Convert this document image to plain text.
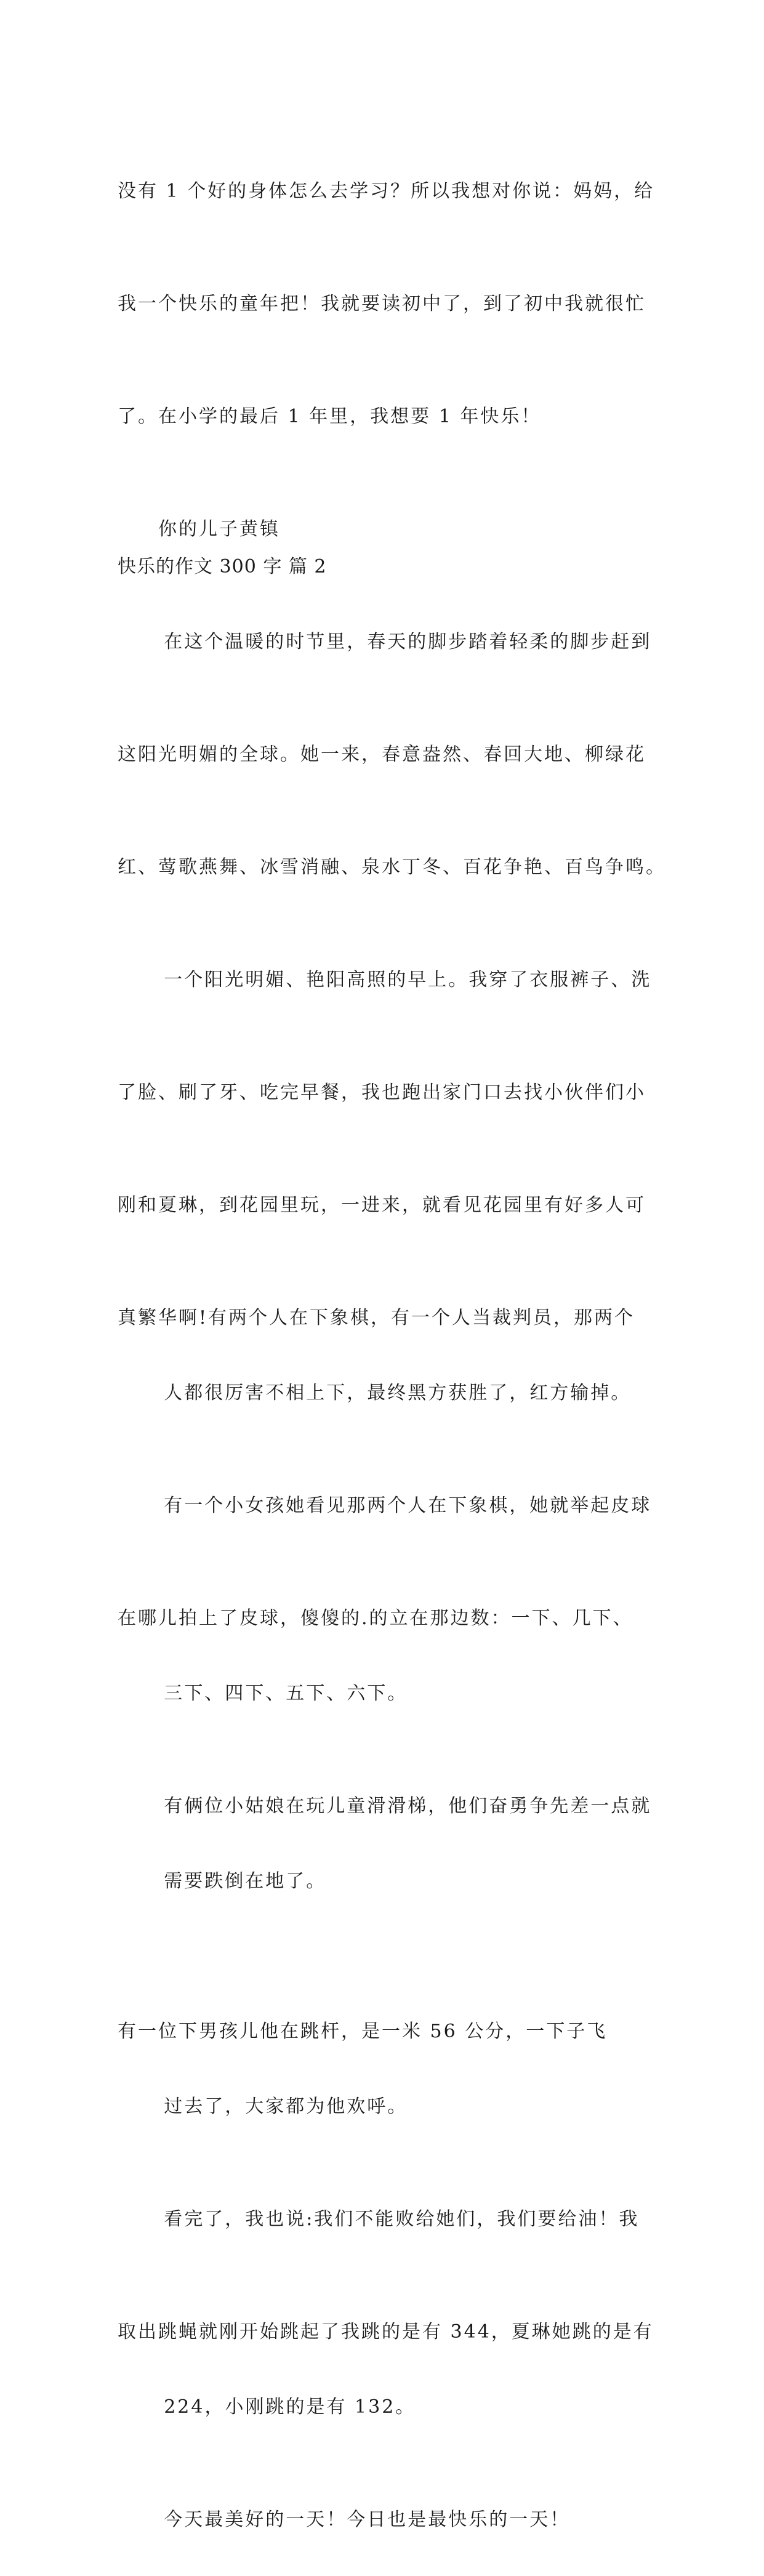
没有 1 个好的身体怎么去学习？所以我想对你说：妈妈，给

我一个快乐的童年把！我就要读初中了，到了初中我就很忙

了。在小学的最后 1 年里，我想要 1 年快乐！

你的儿子黄镇

快乐的作文 300 字 篇 2

在这个温暖的时节里，春天的脚步踏着轻柔的脚步赶到

这阳光明媚的全球。她一来，春意盎然、春回大地、柳绿花

红、莺歌燕舞、冰雪消融、泉水丁冬、百花争艳、百鸟争鸣。

一个阳光明媚、艳阳高照的早上。我穿了衣服裤子、洗

了脸、刷了牙、吃完早餐，我也跑出家门口去找小伙伴们小

刚和夏琳，到花园里玩，一进来，就看见花园里有好多人可

真繁华啊!有两个人在下象棋，有一个人当裁判员，那两个

人都很厉害不相上下，最终黑方获胜了，红方输掉。

有一个小女孩她看见那两个人在下象棋，她就举起皮球

在哪儿拍上了皮球，傻傻的.的立在那边数：一下、几下、

三下、四下、五下、六下。

有俩位小姑娘在玩儿童滑滑梯，他们奋勇争先差一点就

需要跌倒在地了。

有一位下男孩儿他在跳杆，是一米 56 公分，一下子飞

过去了，大家都为他欢呼。

看完了，我也说:我们不能败给她们，我们要给油！我

取出跳蝇就刚开始跳起了我跳的是有 344，夏琳她跳的是有

224，小刚跳的是有 132。

今天最美好的一天！今日也是最快乐的一天！
